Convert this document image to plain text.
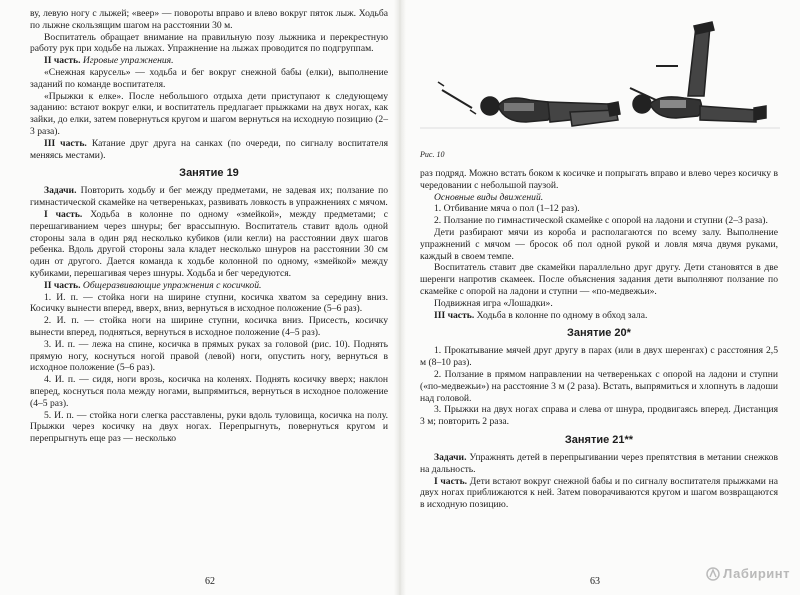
ву, левую ногу с лыжей; «веер» — повороты вправо и влево вокруг пяток лыж. Ходьба по лыжне скользящим шагом на расстоянии 30 м.

Воспитатель обращает внимание на правильную позу лыжника и перекрестную работу рук при ходьбе на лыжах. Упражнение на лыжах проводится по подгруппам.

II часть. Игровые упражнения.

«Снежная карусель» — ходьба и бег вокруг снежной бабы (елки), выполнение заданий по команде воспитателя.

«Прыжки к елке». После небольшого отдыха дети приступают к следующему заданию: встают вокруг елки, и воспитатель предлагает прыжками на двух ногах, как зайки, до елки, затем повернуться кругом и шагом вернуться на исходную позицию (2–3 раза).

III часть. Катание друг друга на санках (по очереди, по сигналу воспитателя меняясь местами).

Занятие 19

Задачи. Повторить ходьбу и бег между предметами, не задевая их; ползание по гимнастической скамейке на четвереньках, развивать ловкость в упражнениях с мячом.

I часть. Ходьба в колонне по одному «змейкой», между предметами; с перешагиванием через шнуры; бег врассыпную. Воспитатель ставит вдоль одной стороны зала в один ряд несколько кубиков (или кегли) на расстоянии двух шагов ребенка. Вдоль другой стороны зала кладет несколько шнуров на расстоянии 30 см один от другого. Дается команда к ходьбе колонной по одному, «змейкой» между кубиками, перешагивая через шнуры. Ходьба и бег чередуются.

II часть. Общеразвивающие упражнения с косичкой.

1. И. п. — стойка ноги на ширине ступни, косичка хватом за середину вниз. Косичку вынести вперед, вверх, вниз, вернуться в исходное положение (5–6 раз).

2. И. п. — стойка ноги на ширине ступни, косичка вниз. Присесть, косичку вынести вперед, подняться, вернуться в исходное положение (4–5 раз).

3. И. п. — лежа на спине, косичка в прямых руках за головой (рис. 10). Поднять прямую ногу, коснуться ногой правой (левой) ноги, опустить ногу, вернуться в исходное положение (5–6 раз).

4. И. п. — сидя, ноги врозь, косичка на коленях. Поднять косичку вверх; наклон вперед, коснуться пола между ногами, выпрямиться, вернуться в исходное положение (4–5 раз).

5. И. п. — стойка ноги слегка расставлены, руки вдоль туловища, косичка на полу. Прыжки через косичку на двух ногах. Перепрыгнуть, повернуться кругом и перепрыгнуть еще раз — несколько

62
Рис. 10

раз подряд. Можно встать боком к косичке и попрыгать вправо и влево через косичку в чередовании с небольшой паузой.

Основные виды движений.

1. Отбивание мяча о пол (1–12 раз).

2. Ползание по гимнастической скамейке с опорой на ладони и ступни (2–3 раза).

Дети разбирают мячи из короба и располагаются по всему залу. Выполнение упражнений с мячом — бросок об пол одной рукой и ловля мяча двумя руками, каждый в своем темпе.

Воспитатель ставит две скамейки параллельно друг другу. Дети становятся в две шеренги напротив скамеек. После объяснения задания дети выполняют ползание по скамейке с опорой на ладони и ступни — «по-медвежьи».

Подвижная игра «Лошадки».

III часть. Ходьба в колонне по одному в обход зала.

Занятие 20*

1. Прокатывание мячей друг другу в парах (или в двух шеренгах) с расстояния 2,5 м (8–10 раз).

2. Ползание в прямом направлении на четвереньках с опорой на ладони и ступни («по-медвежьи») на расстояние 3 м (2 раза). Встать, выпрямиться и хлопнуть в ладоши над головой.

3. Прыжки на двух ногах справа и слева от шнура, продвигаясь вперед. Дистанция 3 м; повторить 2 раза.

Занятие 21**

Задачи. Упражнять детей в перепрыгивании через препятствия в метании снежков на дальность.

I часть. Дети встают вокруг снежной бабы и по сигналу воспитателя прыжками на двух ногах приближаются к ней. Затем поворачиваются кругом и шагом возвращаются в исходную позицию.

63
Лабиринт
